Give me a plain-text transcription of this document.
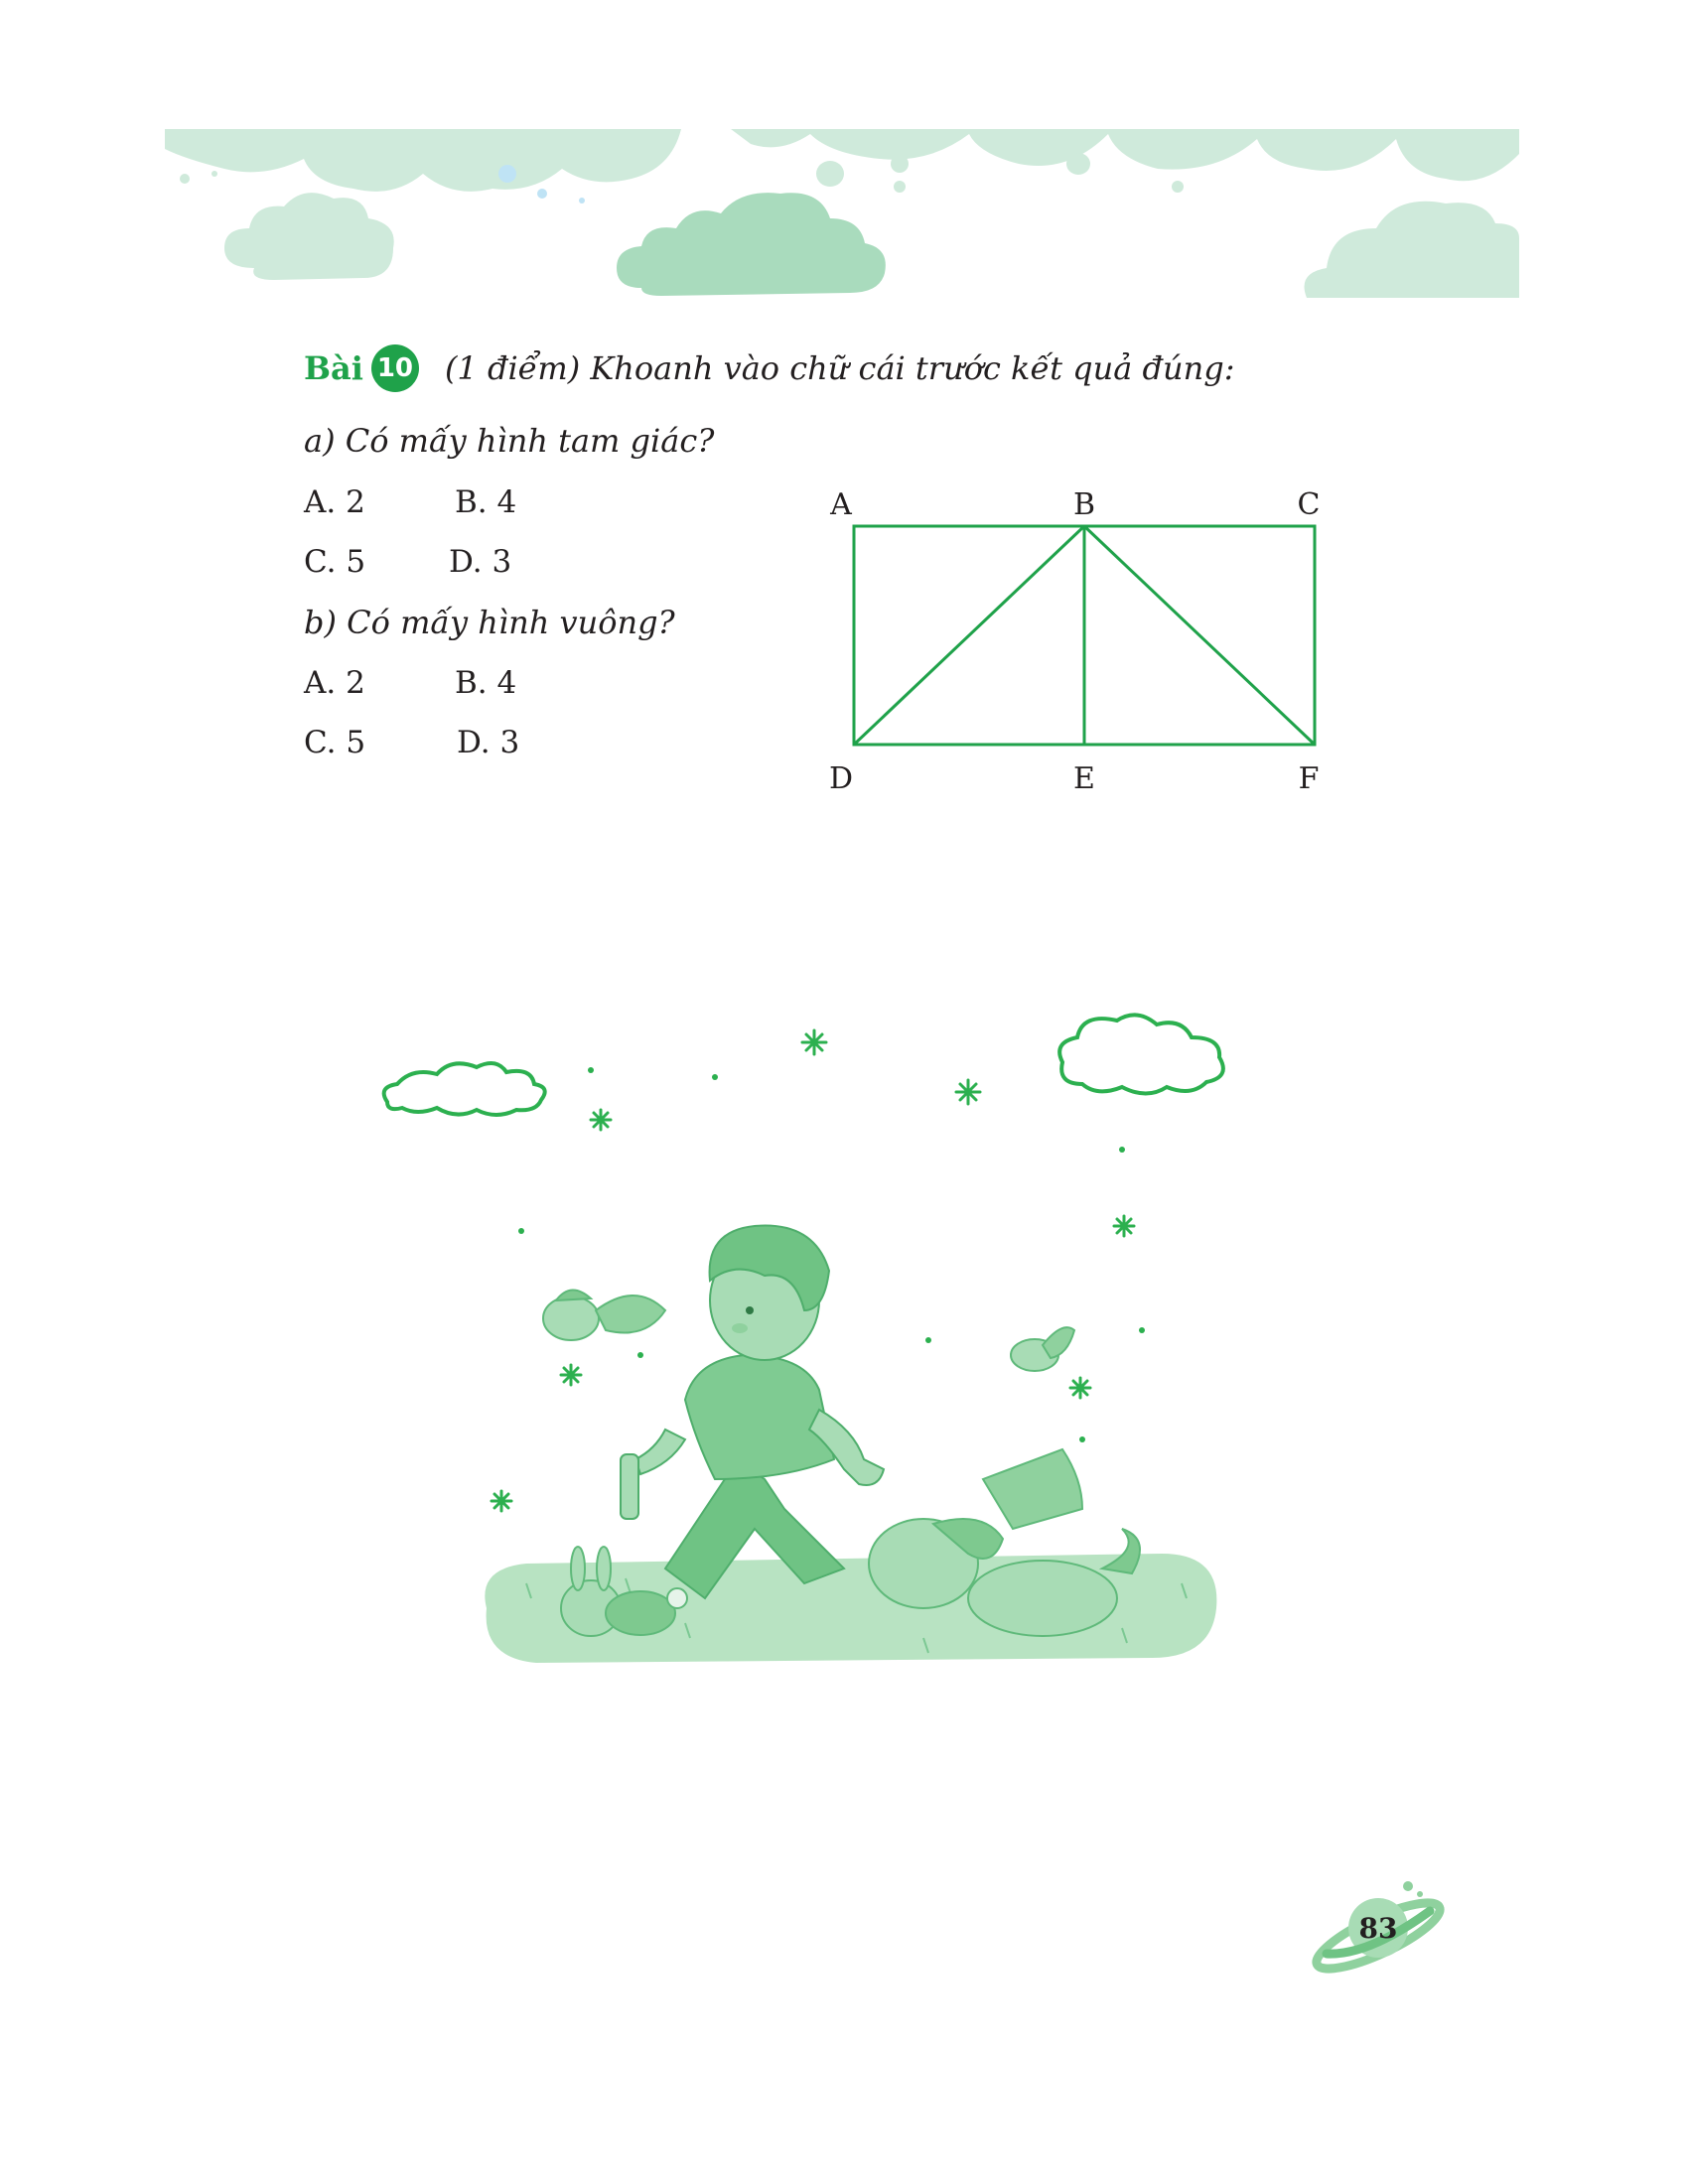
Bài 10 (1 điểm) Khoanh vào chữ cái trước kết quả đúng:
a) Có mấy hình tam giác?
A. 2	B. 4
C. 5	D. 3
b) Có mấy hình vuông?
A. 2	B. 4
C. 5	D. 3
A	B	C
D	E	F
83
